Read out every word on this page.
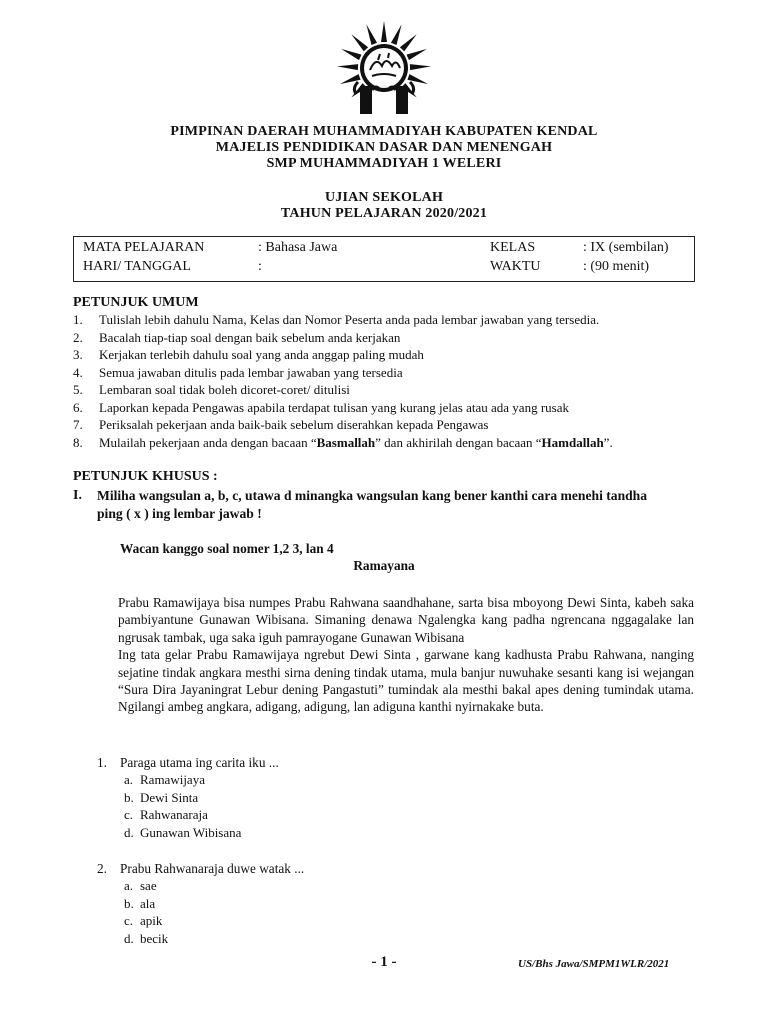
PIMPINAN DAERAH MUHAMMADIYAH KABUPATEN KENDAL
MAJELIS PENDIDIKAN DASAR DAN MENENGAH
SMP MUHAMMADIYAH 1 WELERI
UJIAN SEKOLAH
TAHUN PELAJARAN 2020/2021
MATA PELAJARAN	: Bahasa Jawa	KELAS	: IX (sembilan)
HARI/ TANGGAL	:	WAKTU	: (90 menit)
PETUNJUK UMUM
1. Tulislah lebih dahulu Nama, Kelas dan Nomor Peserta anda pada lembar jawaban yang tersedia.
2. Bacalah tiap-tiap soal dengan baik sebelum anda kerjakan
3. Kerjakan terlebih dahulu soal yang anda anggap paling mudah
4. Semua jawaban ditulis pada lembar jawaban yang tersedia
5. Lembaran soal tidak boleh dicoret-coret/ ditulisi
6. Laporkan kepada Pengawas apabila terdapat tulisan yang kurang jelas atau ada yang rusak
7. Periksalah pekerjaan anda baik-baik sebelum diserahkan kepada Pengawas
8. Mulailah pekerjaan anda dengan bacaan “Basmallah” dan akhirilah dengan bacaan “Hamdallah”.
PETUNJUK KHUSUS :
I. Miliha wangsulan a, b, c, utawa d minangka wangsulan kang bener kanthi cara menehi tandha
ping ( x ) ing lembar jawab !
Wacan kanggo soal nomer 1,2 3, lan 4
Ramayana

Prabu Ramawijaya bisa numpes Prabu Rahwana saandhahane, sarta bisa mboyong Dewi Sinta, kabeh saka pambiyantune Gunawan Wibisana. Simaning denawa Ngalengka kang padha ngrencana nggagalake lan ngrusak tambak, uga saka iguh pamrayogane Gunawan Wibisana

Ing tata gelar Prabu Ramawijaya ngrebut Dewi Sinta , garwane kang kadhusta Prabu Rahwana, nanging sejatine tindak angkara mesthi sirna dening tindak utama, mula banjur nuwuhake sesanti kang isi wejangan “Sura Dira Jayaningrat Lebur dening Pangastuti” tumindak ala mesthi bakal apes dening tumindak utama. Ngilangi ambeg angkara, adigang, adigung, lan adiguna kanthi nyirnakake buta.

1. Paraga utama ing carita iku ...
a. Ramawijaya
b. Dewi Sinta
c. Rahwanaraja
d. Gunawan Wibisana
2. Prabu Rahwanaraja duwe watak ...
a. sae
b. ala
c. apik
d. becik
- 1 -	US/Bhs Jawa/SMPM1WLR/2021
